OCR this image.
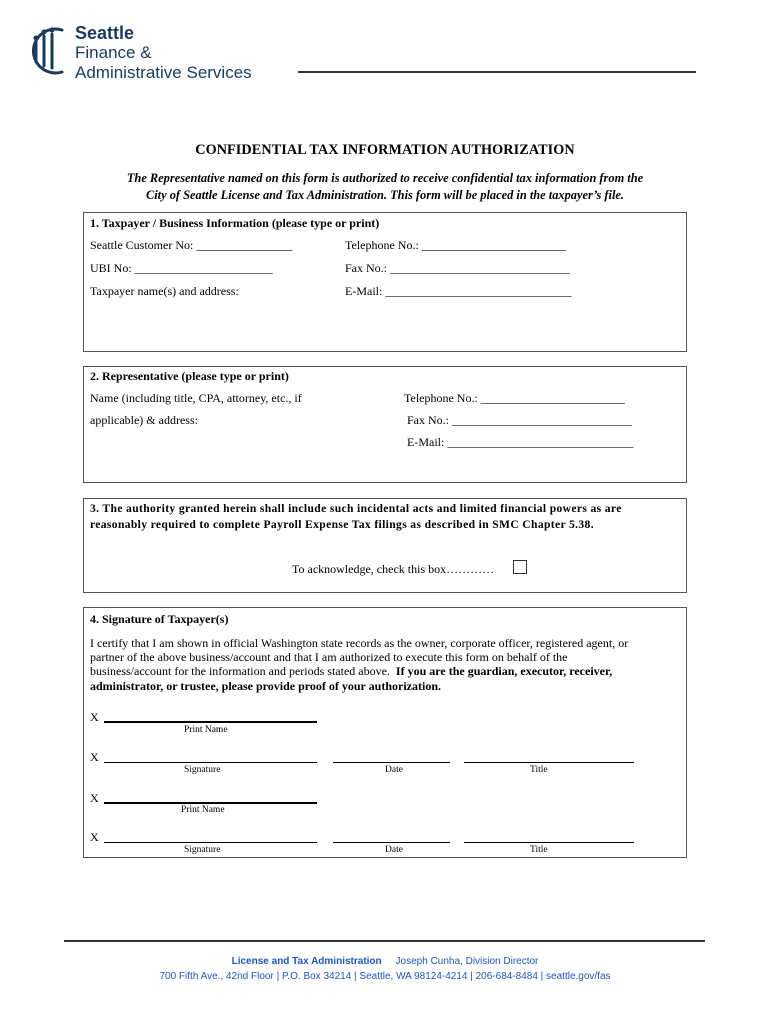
Seattle
Finance &
Administrative Services
CONFIDENTIAL TAX INFORMATION AUTHORIZATION
The Representative named on this form is authorized to receive confidential tax information from the
City of Seattle License and Tax Administration. This form will be placed in the taxpayer’s file.
1. Taxpayer / Business Information (please type or print)
Seattle Customer No: ________________	Telephone No.: ________________________
UBI No: _______________________	Fax No.: ______________________________
Taxpayer name(s) and address:	E-Mail: _______________________________
2. Representative (please type or print)
Name (including title, CPA, attorney, etc., if
applicable) & address:
Telephone No.: ________________________
Fax No.: ______________________________
E-Mail: _______________________________
3. The authority granted herein shall include such incidental acts and limited financial powers as are
reasonably required to complete Payroll Expense Tax filings as described in SMC Chapter 5.38.
To acknowledge, check this box…………
4. Signature of Taxpayer(s)
I certify that I am shown in official Washington state records as the owner, corporate officer, registered agent, or
partner of the above business/account and that I am authorized to execute this form on behalf of the
business/account for the information and periods stated above. If you are the guardian, executor, receiver,
administrator, or trustee, please provide proof of your authorization.
X
Print Name
X
Signature	Date	Title
X
Print Name
X
Signature	Date	Title
License and Tax Administration Joseph Cunha, Division Director
700 Fifth Ave., 42nd Floor | P.O. Box 34214 | Seattle, WA 98124-4214 | 206-684-8484 | seattle.gov/fas
